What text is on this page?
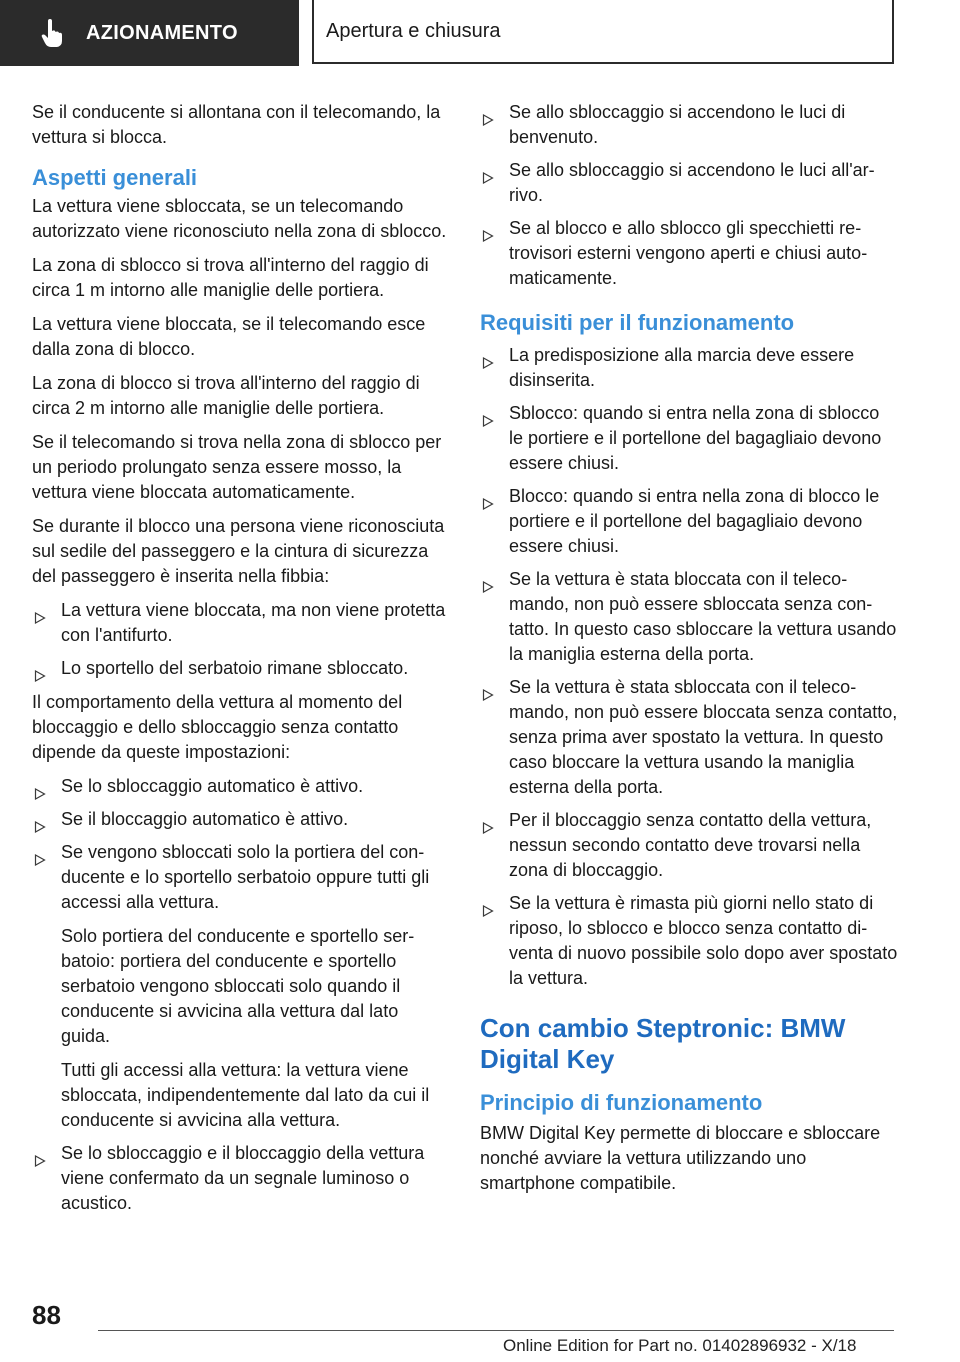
AZIONAMENTO	Apertura e chiusura

Se il conducente si allontana con il telecomando, la vettura si blocca.

Aspetti generali

La vettura viene sbloccata, se un telecomando autorizzato viene riconosciuto nella zona di sblocco.

La zona di sblocco si trova all'interno del raggio di circa 1 m intorno alle maniglie delle portiera.

La vettura viene bloccata, se il telecomando esce dalla zona di blocco.

La zona di blocco si trova all'interno del raggio di circa 2 m intorno alle maniglie delle portiera.

Se il telecomando si trova nella zona di sblocco per un periodo prolungato senza essere mosso, la vettura viene bloccata automaticamente.

Se durante il blocco una persona viene riconosciuta sul sedile del passeggero e la cintura di sicurezza del passeggero è inserita nella fibbia:

La vettura viene bloccata, ma non viene protetta con l'antifurto.
Lo sportello del serbatoio rimane sbloccato.

Il comportamento della vettura al momento del bloccaggio e dello sbloccaggio senza contatto dipende da queste impostazioni:

Se lo sbloccaggio automatico è attivo.
Se il bloccaggio automatico è attivo.
Se vengono sbloccati solo la portiera del conducente e lo sportello serbatoio oppure tutti gli accessi alla vettura.

Solo portiera del conducente e sportello serbatoio: portiera del conducente e sportello serbatoio vengono sbloccati solo quando il conducente si avvicina alla vettura dal lato guida.

Tutti gli accessi alla vettura: la vettura viene sbloccata, indipendentemente dal lato da cui il conducente si avvicina alla vettura.

Se lo sbloccaggio e il bloccaggio della vettura viene confermato da un segnale luminoso o acustico.
Se allo sbloccaggio si accendono le luci di benvenuto.
Se allo sbloccaggio si accendono le luci all'arrivo.
Se al blocco e allo sblocco gli specchietti retrovisori esterni vengono aperti e chiusi automaticamente.
Requisiti per il funzionamento
La predisposizione alla marcia deve essere disinserita.
Sblocco: quando si entra nella zona di sblocco le portiere e il portellone del bagagliaio devono essere chiusi.
Blocco: quando si entra nella zona di blocco le portiere e il portellone del bagagliaio devono essere chiusi.
Se la vettura è stata bloccata con il telecomando, non può essere sbloccata senza contatto. In questo caso sbloccare la vettura usando la maniglia esterna della porta.
Se la vettura è stata sbloccata con il telecomando, non può essere bloccata senza contatto, senza prima aver spostato la vettura. In questo caso bloccare la vettura usando la maniglia esterna della porta.
Per il bloccaggio senza contatto della vettura, nessun secondo contatto deve trovarsi nella zona di bloccaggio.
Se la vettura è rimasta più giorni nello stato di riposo, lo sblocco e blocco senza contatto diventa di nuovo possibile solo dopo aver spostato la vettura.
Con cambio Steptronic: BMW Digital Key
Principio di funzionamento

BMW Digital Key permette di bloccare e sbloccare nonché avviare la vettura utilizzando uno smartphone compatibile.

88
Online Edition for Part no. 01402896932 - X/18
